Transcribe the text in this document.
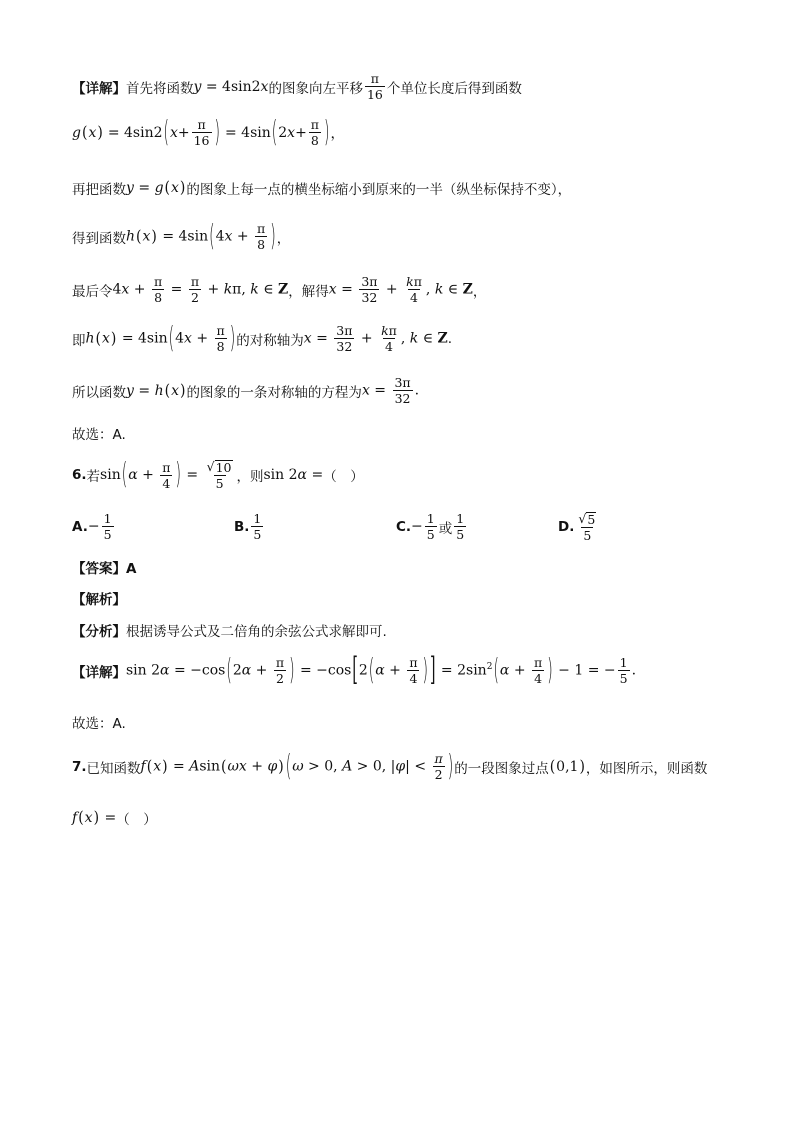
【详解】 首先将函数 y = 4sin2x 的图象向左平移 $\frac{\pi}{16}$ 个单位长度后得到函数
g ( x ) = 4sin2 ( $x + \frac{\pi}{16}$ ) = 4sin ( 2 $x + \frac{\pi}{8}$ ) ，
再把函数 y = g(x) 的图象上每一点的横坐标缩小到原来的一半（纵坐标保持不变），
得到函数 $h(x) = 4\sin(4x + \frac{\pi}{8}$ ) ，
最后令 $4x + \frac{\pi}{8} = \frac{\pi}{2} + k\pi$, k ∈ Z ，解得 $x = \frac{3\pi}{32} + \frac{k\pi}{4}$ , k ∈ Z ，
即 $h(x) = 4\sin(4x + \frac{\pi}{8}$ ) 的对称轴为 $x = \frac{3\pi}{32} + \frac{k\pi}{4}$ , k ∈ Z .
所以函数 y = h(x) 的图象的一条对称轴的方程为 $x = \frac{3\pi}{32}$ .
故选：A.
6. 若 $\sin(\alpha + \frac{\pi}{4}$ ) = $\frac{√ 10}{5}$ ，则 sin 2α = （　）
A. − $\frac{1}{5}$	B. $\frac{1}{5}$	C. − $\frac{1}{5}$ 或 $\frac{1}{5}$	D. $\frac{√ 5}{5}$
【答案】A
【解析】
【分析】 根据诱导公式及二倍角的余弦公式求解即可.
【详解】 $\sin 2\alpha = -\cos(2\alpha + \frac{\pi}{2}$ ) = $-\cos[2(\alpha + \frac{\pi}{4}$ ) ] = $2\sin^2(\alpha + \frac{\pi}{4}$ ) − 1 = − $\frac{1}{5}$ .
故选：A.
7. 已知函数 f(x) = Asin(ωx + φ) (ω > 0, A > 0, $|\varphi| < \frac{\pi}{2}$ ) 的一段图象过点 (0,1) ，如图所示，则函数
f(x) = （　）
